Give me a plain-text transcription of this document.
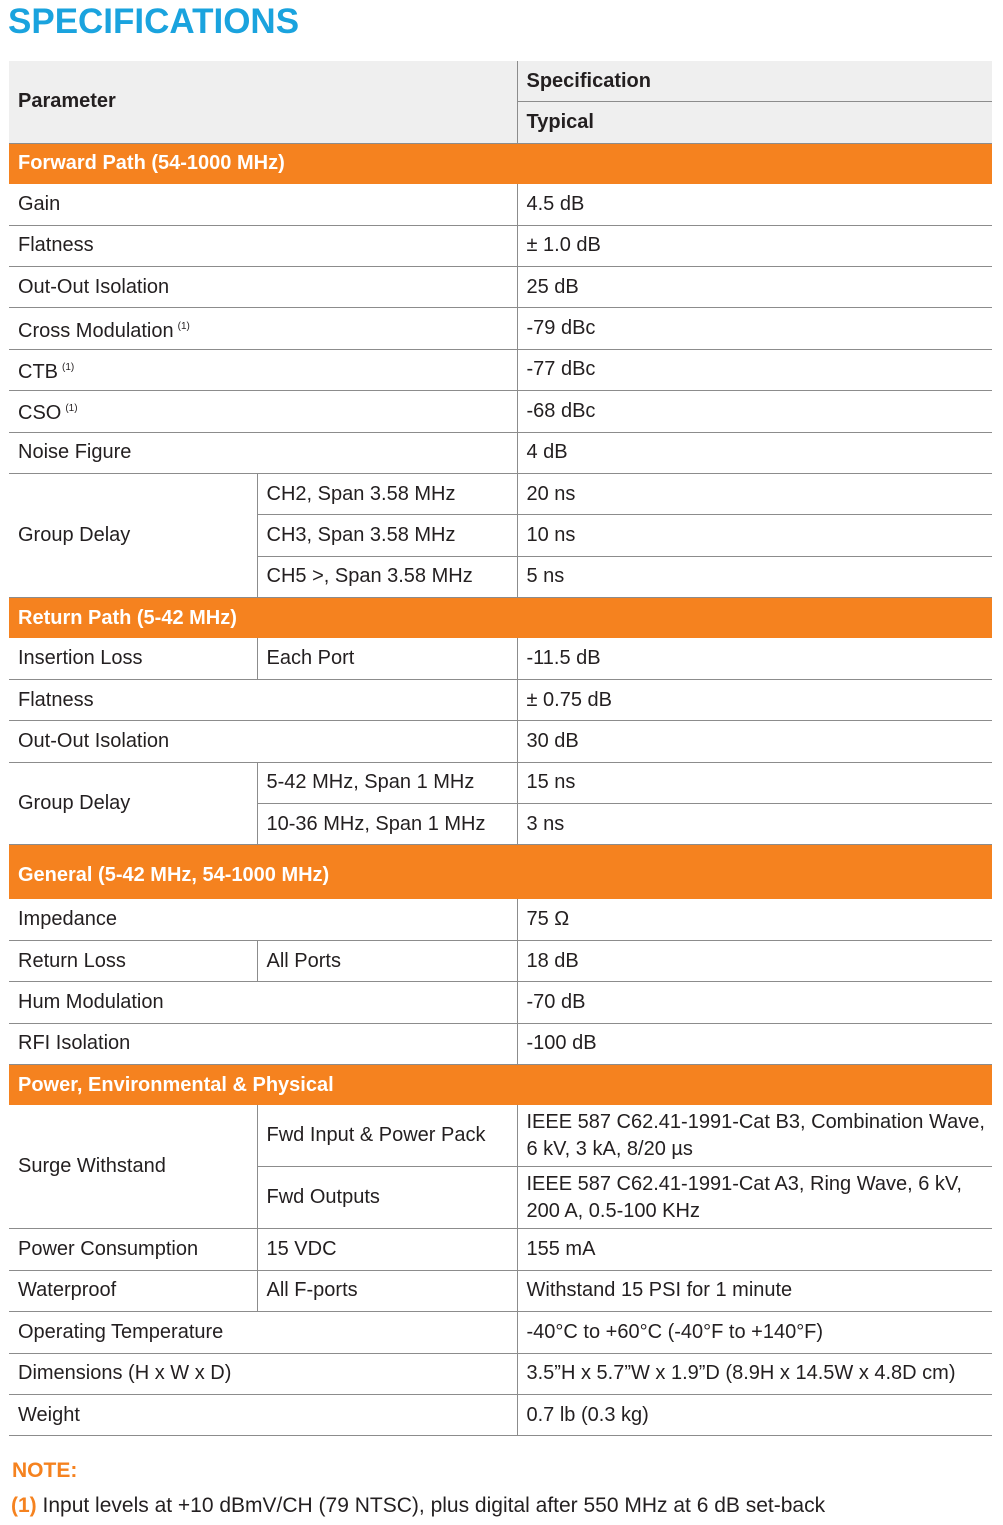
SPECIFICATIONS
Parameter		Specification
		Typical
Forward Path (54-1000 MHz)		
Gain		4.5 dB
Flatness		± 1.0 dB
Out-Out Isolation		25 dB
Cross Modulation $^{(1)}$		-79 dBc
CTB $^{(1)}$		-77 dBc
CSO $^{(1)}$		-68 dBc
Noise Figure		4 dB
Group Delay	CH2, Span 3.58 MHz	20 ns
	CH3, Span 3.58 MHz	10 ns
	CH5 >, Span 3.58 MHz	5 ns
Return Path (5-42 MHz)		
Insertion Loss	Each Port	-11.5 dB
Flatness		± 0.75 dB
Out-Out Isolation		30 dB
Group Delay	5-42 MHz, Span 1 MHz	15 ns
	10-36 MHz, Span 1 MHz	3 ns
General (5-42 MHz, 54-1000 MHz)		
Impedance		75 Ω
Return Loss	All Ports	18 dB
Hum Modulation		-70 dB
RFI Isolation		-100 dB
Power, Environmental & Physical		
Surge Withstand	Fwd Input & Power Pack	IEEE 587 C62.41-1991-Cat B3, Combination Wave, 6 kV, 3 kA, 8/20 µs
	Fwd Outputs	IEEE 587 C62.41-1991-Cat A3, Ring Wave, 6 kV, 200 A, 0.5-100 KHz
Power Consumption	15 VDC	155 mA
Waterproof	All F-ports	Withstand 15 PSI for 1 minute
Operating Temperature		-40°C to +60°C (-40°F to +140°F)
Dimensions (H x W x D)		3.5”H x 5.7”W x 1.9”D (8.9H x 14.5W x 4.8D cm)
Weight		0.7 lb (0.3 kg)
NOTE:
(1) Input levels at +10 dBmV/CH (79 NTSC), plus digital after 550 MHz at 6 dB set-back
